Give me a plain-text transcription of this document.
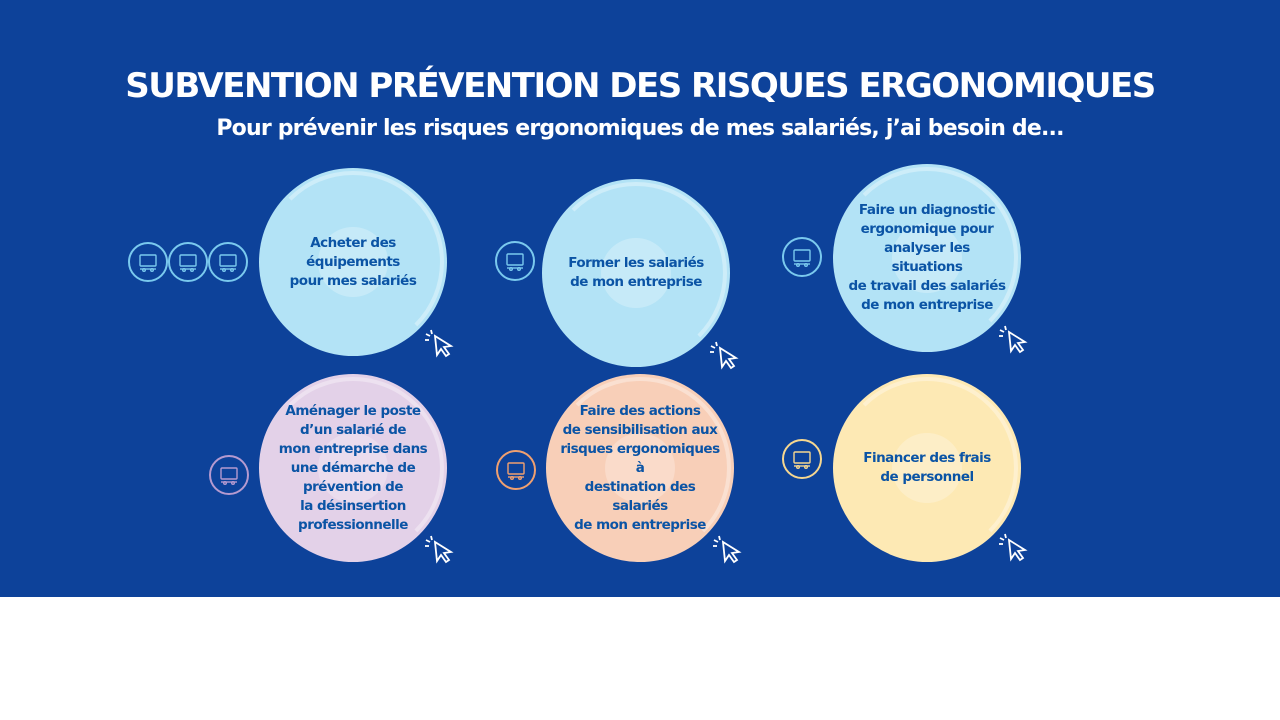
SUBVENTION PRÉVENTION DES RISQUES ERGONOMIQUES
Pour prévenir les risques ergonomiques de mes salariés, j’ai besoin de...
Acheter des
équipements
pour mes salariés
Former les salariés
de mon entreprise
Faire un diagnostic
ergonomique pour
analyser les situations
de travail des salariés
de mon entreprise
Aménager le poste
d’un salarié de
mon entreprise dans
une démarche de
prévention de
la désinsertion
professionnelle
Faire des actions
de sensibilisation aux
risques ergonomiques à
destination des salariés
de mon entreprise
Financer des frais
de personnel
